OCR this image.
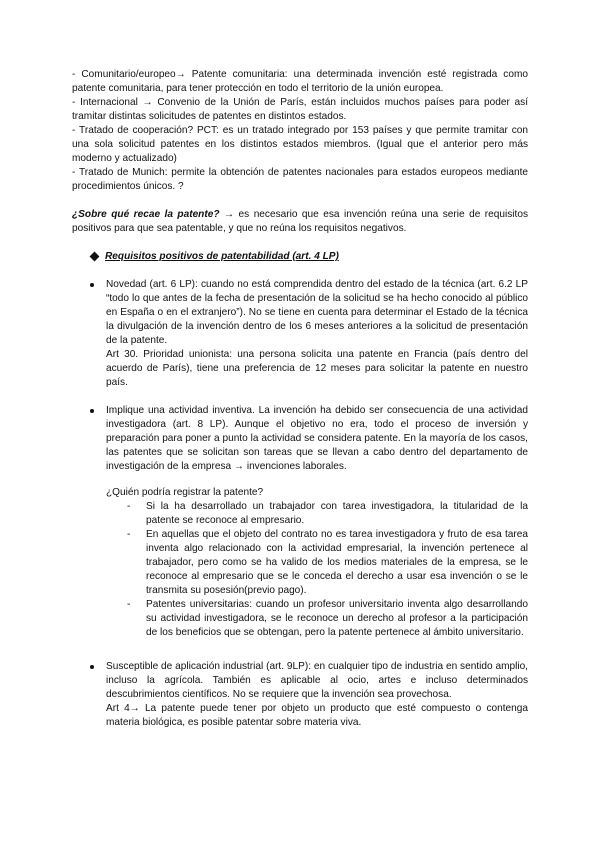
- Comunitario/europeo→ Patente comunitaria: una determinada invención esté registrada como patente comunitaria, para tener protección en todo el territorio de la unión europea.

- Internacional → Convenio de la Unión de París, están incluidos muchos países para poder así tramitar distintas solicitudes de patentes en distintos estados.

- Tratado de cooperación? PCT: es un tratado integrado por 153 países y que permite tramitar con una sola solicitud patentes en los distintos estados miembros. (Igual que el anterior pero más moderno y actualizado)

- Tratado de Munich: permite la obtención de patentes nacionales para estados europeos mediante procedimientos únicos. ?

¿Sobre qué recae la patente? → es necesario que esa invención reúna una serie de requisitos positivos para que sea patentable, y que no reúna los requisitos negativos.

Requisitos positivos de patentabilidad (art. 4 LP)

Novedad (art. 6 LP): cuando no está comprendida dentro del estado de la técnica (art. 6.2 LP “todo lo que antes de la fecha de presentación de la solicitud se ha hecho conocido al público en España o en el extranjero”). No se tiene en cuenta para determinar el Estado de la técnica la divulgación de la invención dentro de los 6 meses anteriores a la solicitud de presentación de la patente.

Art 30. Prioridad unionista: una persona solicita una patente en Francia (país dentro del acuerdo de París), tiene una preferencia de 12 meses para solicitar la patente en nuestro país.

Implique una actividad inventiva. La invención ha debido ser consecuencia de una actividad investigadora (art. 8 LP). Aunque el objetivo no era, todo el proceso de inversión y preparación para poner a punto la actividad se considera patente. En la mayoría de los casos, las patentes que se solicitan son tareas que se llevan a cabo dentro del departamento de investigación de la empresa → invenciones laborales.

¿Quién podría registrar la patente?

- Si la ha desarrollado un trabajador con tarea investigadora, la titularidad de la patente se reconoce al empresario.

- En aquellas que el objeto del contrato no es tarea investigadora y fruto de esa tarea inventa algo relacionado con la actividad empresarial, la invención pertenece al trabajador, pero como se ha valido de los medios materiales de la empresa, se le reconoce al empresario que se le conceda el derecho a usar esa invención o se le transmita su posesión(previo pago).

- Patentes universitarias: cuando un profesor universitario inventa algo desarrollando su actividad investigadora, se le reconoce un derecho al profesor a la participación de los beneficios que se obtengan, pero la patente pertenece al ámbito universitario.

Susceptible de aplicación industrial (art. 9LP): en cualquier tipo de industria en sentido amplio, incluso la agrícola. También es aplicable al ocio, artes e incluso determinados descubrimientos científicos. No se requiere que la invención sea provechosa.

Art 4→ La patente puede tener por objeto un producto que esté compuesto o contenga materia biológica, es posible patentar sobre materia viva.
